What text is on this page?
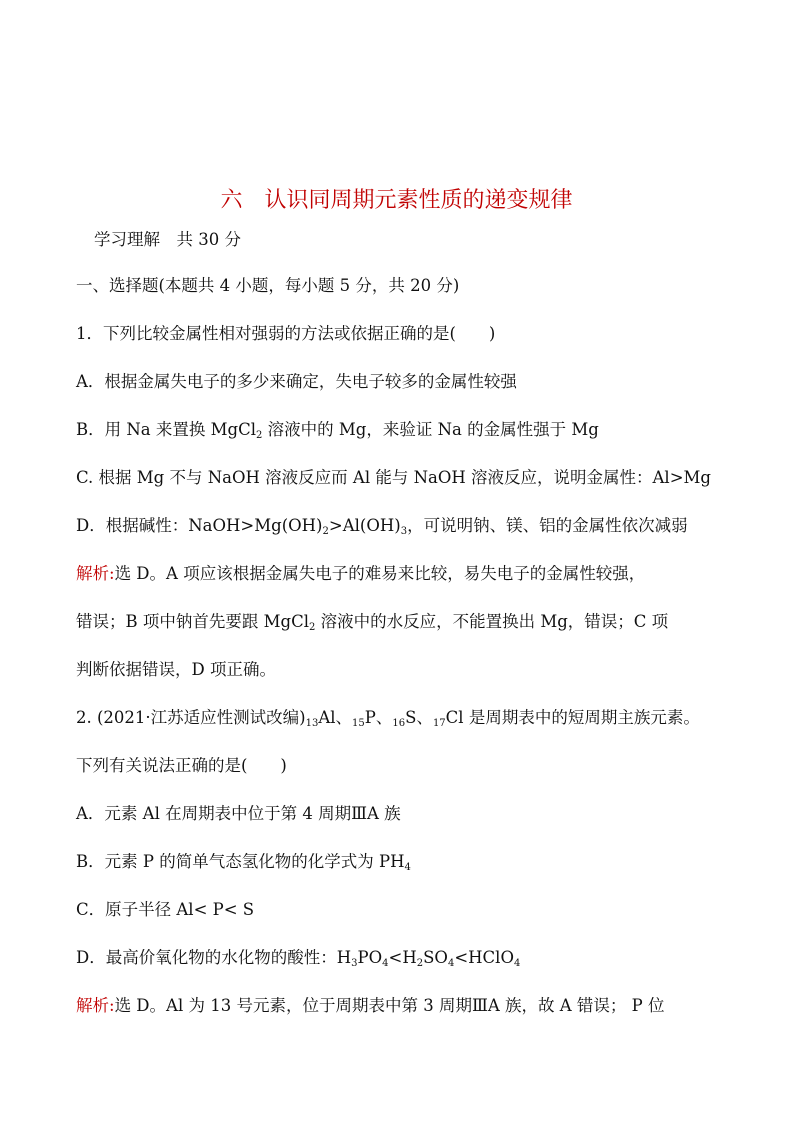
六　认识同周期元素性质的递变规律
学习理解　共 30 分
一、选择题(本题共 4 小题，每小题 5 分，共 20 分)
1．下列比较金属性相对强弱的方法或依据正确的是(　　)
A．根据金属失电子的多少来确定，失电子较多的金属性较强
B．用 Na 来置换 MgCl$_2$ 溶液中的 Mg，来验证 Na 的金属性强于 Mg
C. 根据 Mg 不与 NaOH 溶液反应而 Al 能与 NaOH 溶液反应，说明金属性：Al>Mg
D．根据碱性：$NaOH>Mg(OH)_2>Al(OH)_3$，可说明钠、镁、铝的金属性依次减弱
解析:选 D。A 项应该根据金属失电子的难易来比较，易失电子的金属性较强，
错误；B 项中钠首先要跟 MgCl$_2$ 溶液中的水反应，不能置换出 Mg，错误；C 项
判断依据错误，D 项正确。
2. (2021·江苏适应性测试改编)13Al、15P、16S、17Cl 是周期表中的短周期主族元素。
下列有关说法正确的是(　　)
A．元素 Al 在周期表中位于第 4 周期ⅢA 族
B．元素 P 的简单气态氢化物的化学式为 $PH_4$
C．原子半径 Al< P< S
D．最高价氧化物的水化物的酸性：$H_3PO_4<H_2SO_4<HClO_4$
解析:选 D。Al 为 13 号元素，位于周期表中第 3 周期ⅢA 族，故 A 错误； P 位
